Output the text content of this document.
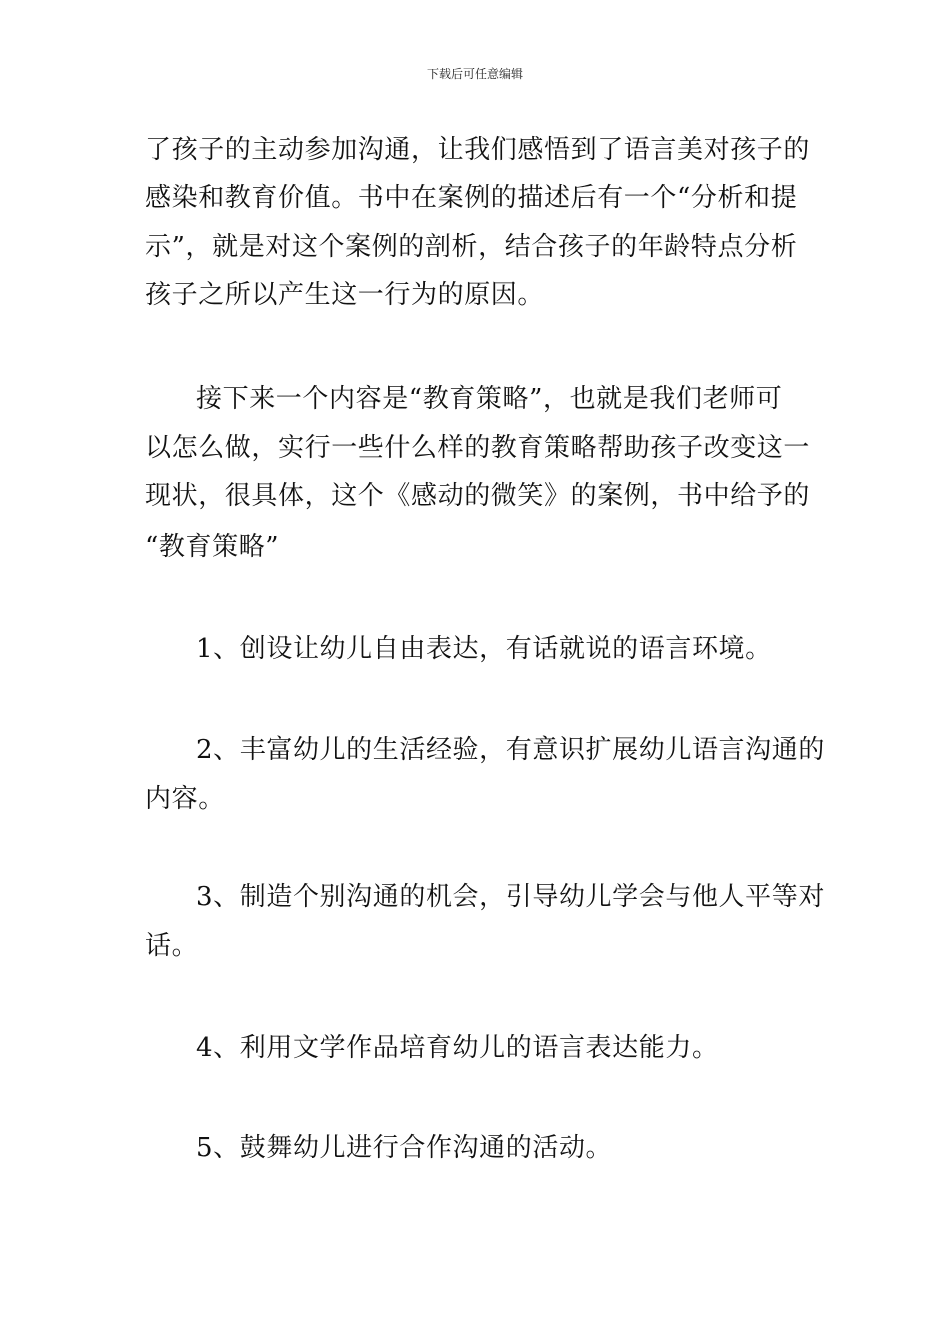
下载后可任意编辑
了孩子的主动参加沟通，让我们感悟到了语言美对孩子的
感染和教育价值。书中在案例的描述后有一个“分析和提
示”，就是对这个案例的剖析，结合孩子的年龄特点分析
孩子之所以产生这一行为的原因。
接下来一个内容是“教育策略”，也就是我们老师可
以怎么做，实行一些什么样的教育策略帮助孩子改变这一
现状，很具体，这个《感动的微笑》的案例，书中给予的
“教育策略”
1、创设让幼儿自由表达，有话就说的语言环境。
2、丰富幼儿的生活经验，有意识扩展幼儿语言沟通的
内容。
3、制造个别沟通的机会，引导幼儿学会与他人平等对
话。
4、利用文学作品培育幼儿的语言表达能力。
5、鼓舞幼儿进行合作沟通的活动。
